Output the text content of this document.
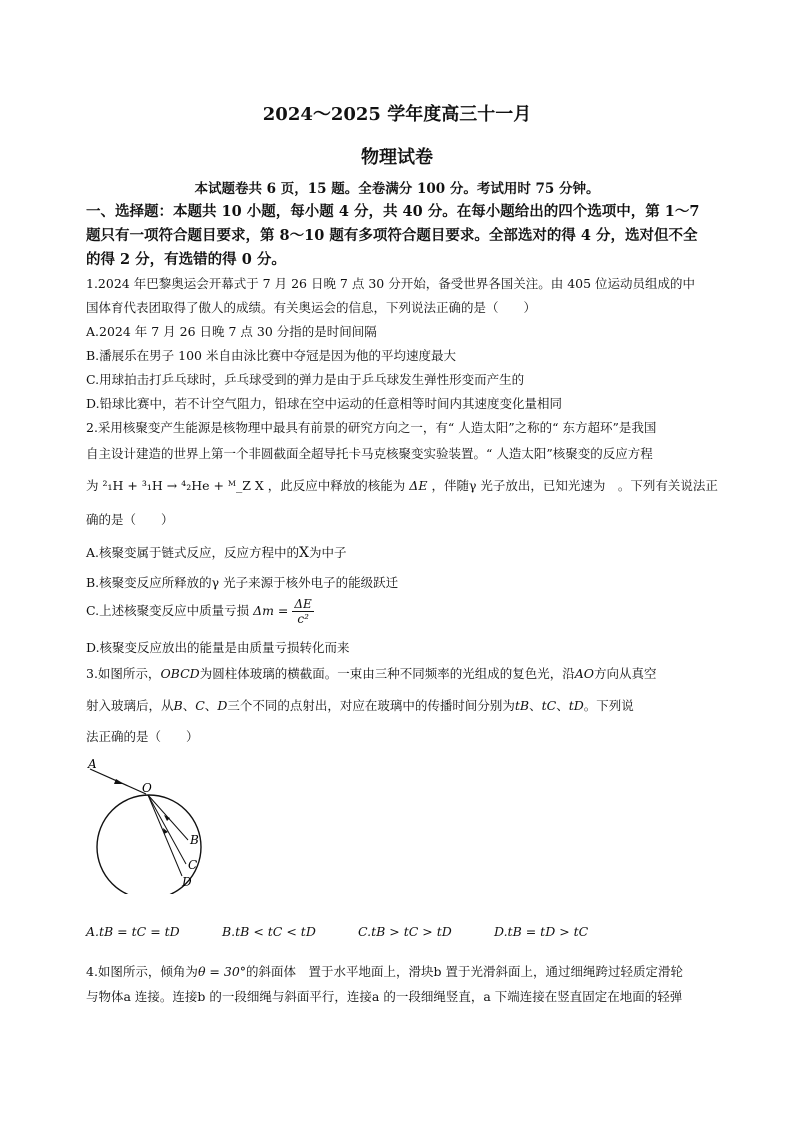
2024～2025 学年度高三十一月
物理试卷
本试题卷共 6 页，15 题。全卷满分 100 分。考试用时 75 分钟。
一、选择题：本题共 10 小题，每小题 4 分，共 40 分。在每小题给出的四个选项中，第 1～7
题只有一项符合题目要求，第 8～10 题有多项符合题目要求。全部选对的得 4 分，选对但不全
的得 2 分，有选错的得 0 分。
1.2024 年巴黎奥运会开幕式于 7 月 26 日晚 7 点 30 分开始，备受世界各国关注。由 405 位运动员组成的中
国体育代表团取得了傲人的成绩。有关奥运会的信息，下列说法正确的是（　　）
A.2024 年 7 月 26 日晚 7 点 30 分指的是时间间隔
B.潘展乐在男子 100 米自由泳比赛中夺冠是因为他的平均速度最大
C.用球拍击打乒乓球时，乒乓球受到的弹力是由于乒乓球发生弹性形变而产生的
D.铅球比赛中，若不计空气阻力，铅球在空中运动的任意相等时间内其速度变化量相同
2.采用核聚变产生能源是核物理中最具有前景的研究方向之一，有“ 人造太阳”之称的“ 东方超环”是我国
自主设计建造的世界上第一个非圆截面全超导托卡马克核聚变实验装置。“ 人造太阳”核聚变的反应方程
为 ²₁H + ³₁H → ⁴₂He + ᴹ_Z X ，此反应中释放的核能为 ΔE ，伴随γ 光子放出，已知光速为　。下列有关说法正
确的是（　　）
A.核聚变属于链式反应，反应方程中的X为中子
B.核聚变反应所释放的γ 光子来源于核外电子的能级跃迁
C.上述核聚变反应中质量亏损 $\Delta m = \frac{\Delta E}{\text{c²}}$
D.核聚变反应放出的能量是由质量亏损转化而来
3.如图所示，OBCD为圆柱体玻璃的横截面。一束由三种不同频率的光组成的复色光，沿AO方向从真空
射入玻璃后，从B、C、D三个不同的点射出，对应在玻璃中的传播时间分别为tB、tC、tD。下列说
法正确的是（　　）
A
O
B
C
D
A.tB = tC = tD	B.tB < tC < tD	C.tB > tC > tD	D.tB = tD > tC
4.如图所示，倾角为θ = 30°的斜面体　置于水平地面上，滑块b 置于光滑斜面上，通过细绳跨过轻质定滑轮
与物体a 连接。连接b 的一段细绳与斜面平行，连接a 的一段细绳竖直，a 下端连接在竖直固定在地面的轻弹
